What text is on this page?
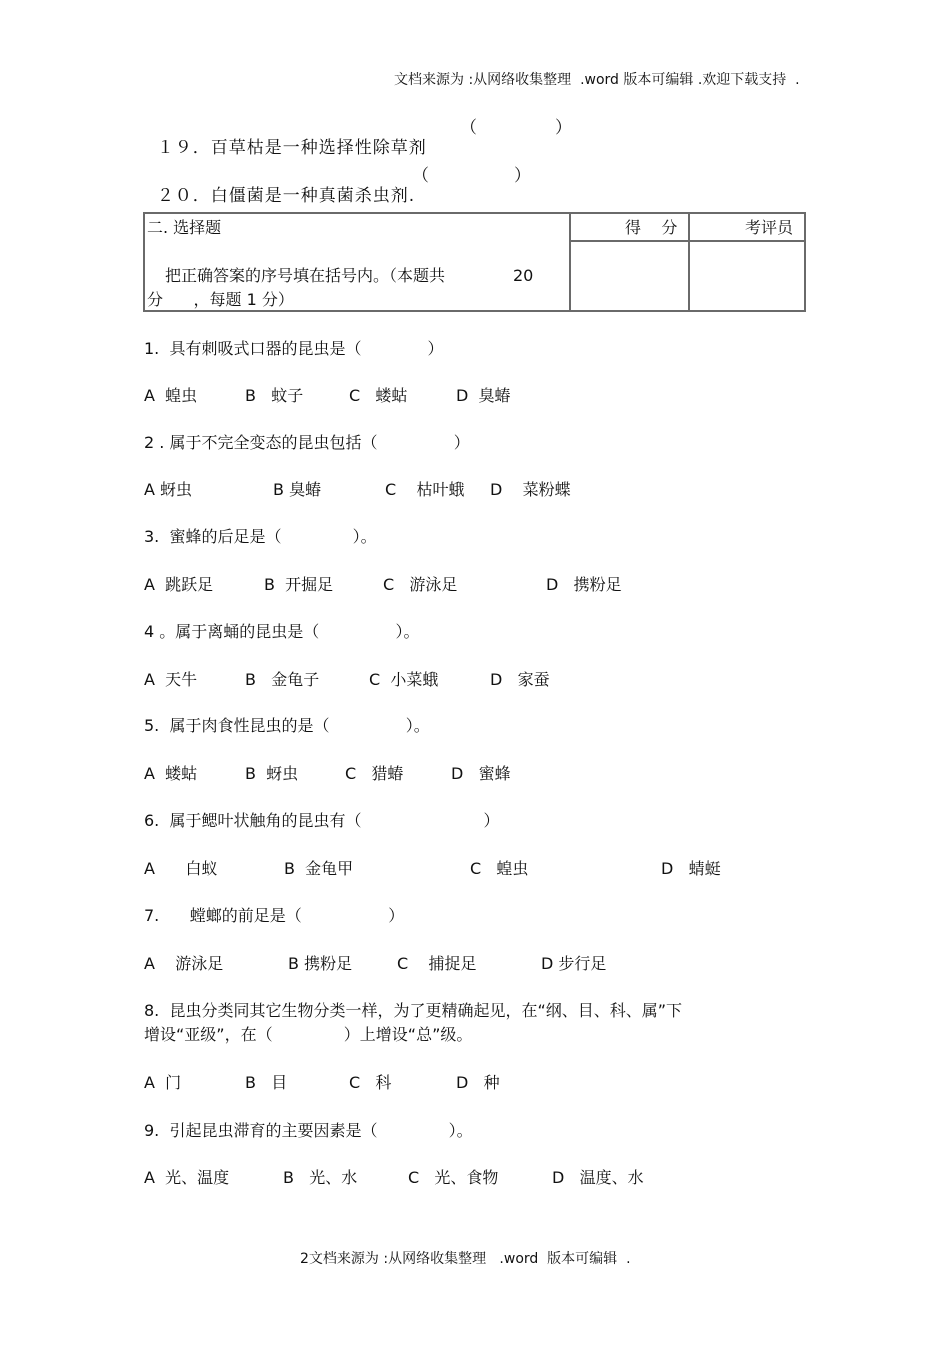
文档来源为 :从网络收集整理  .word 版本可编辑 .欢迎下载支持  .

１９．百草枯是一种选择性除草剂

（	）

２０．白僵菌是一种真菌杀虫剂.

（	）
二. 选择题
把正确答案的序号填在括号内。（本题共	20
分      ，每题 1 分）
得    分	考评员
1.  具有刺吸式口器的昆虫是（             ）
A  蝗虫	B   蚊子	C   蝼蛄	D  臭蝽
2 . 属于不完全变态的昆虫包括（               ）
A 蚜虫	B 臭蝽	C    枯叶蛾 D    菜粉蝶
3.  蜜蜂的后足是（              ）。
A  跳跃足	B  开掘足	C   游泳足	D   携粉足
4 。属于离蛹的昆虫是（               ）。
A  天牛	B   金龟子	C  小菜蛾	D   家蚕
5.  属于肉食性昆虫的是（               ）。
A  蝼蛄	B  蚜虫	C   猎蝽	D   蜜蜂
6.  属于鳃叶状触角的昆虫有（                        ）
A      白蚁	B  金龟甲	C   蝗虫	D   蜻蜓
7.      螳螂的前足是（                 ）
A    游泳足	B 携粉足	C    捕捉足	D 步行足
8.  昆虫分类同其它生物分类一样，为了更精确起见，在“纲、目、科、属”下
增设“亚级”，在（              ）上增设“总”级。
A  门	B   目	C   科	D   种
9.  引起昆虫滞育的主要因素是（              ）。
A  光、温度	B   光、水	C   光、食物	D   温度、水
2文档来源为 :从网络收集整理   .word  版本可编辑  .
